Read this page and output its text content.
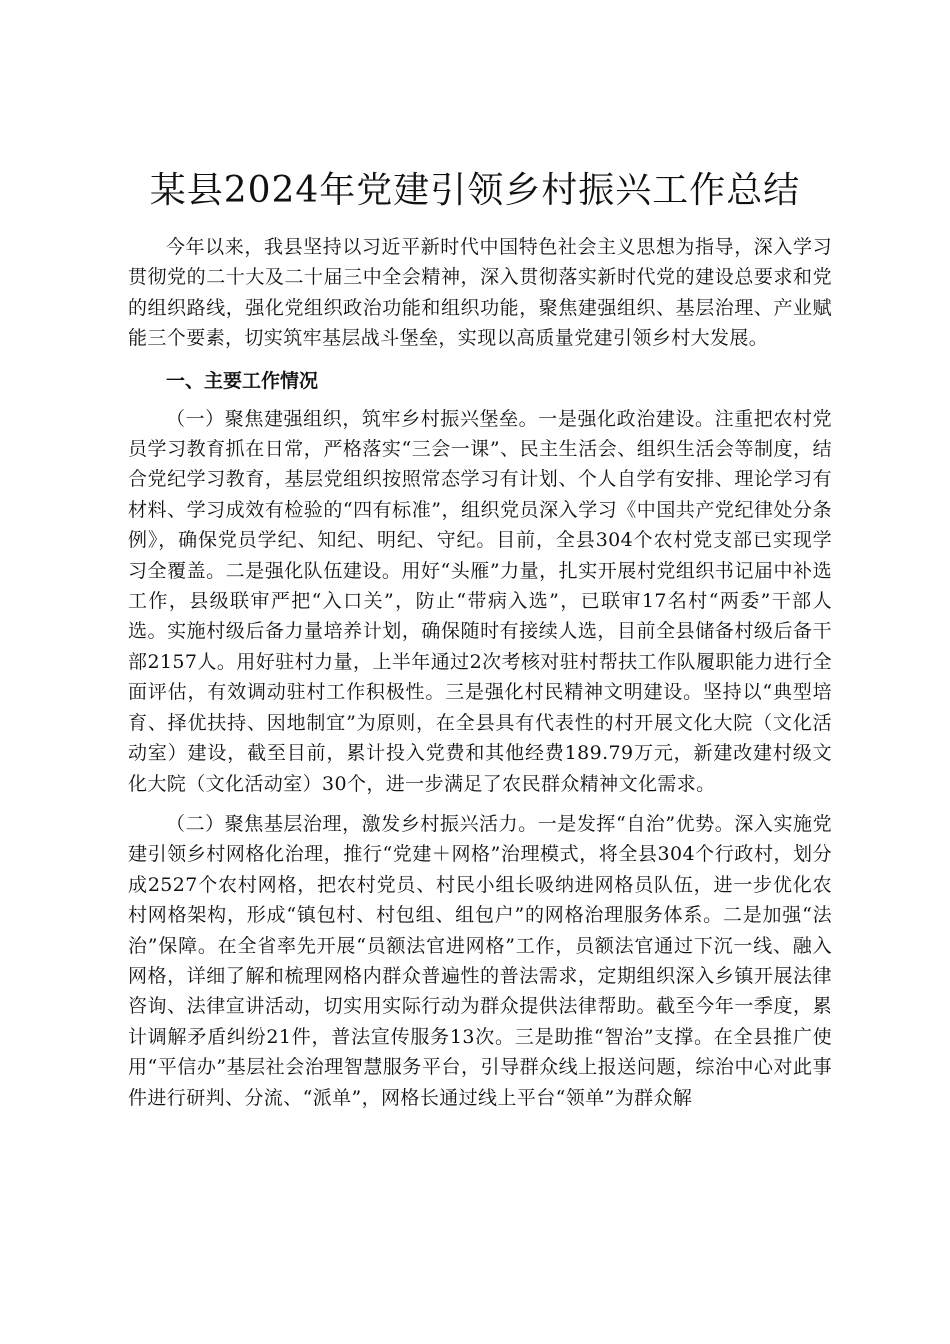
某县2024年党建引领乡村振兴工作总结

今年以来，我县坚持以习近平新时代中国特色社会主义思想为指导，深入学习贯彻党的二十大及二十届三中全会精神，深入贯彻落实新时代党的建设总要求和党的组织路线，强化党组织政治功能和组织功能，聚焦建强组织、基层治理、产业赋能三个要素，切实筑牢基层战斗堡垒，实现以高质量党建引领乡村大发展。

一、主要工作情况

（一）聚焦建强组织，筑牢乡村振兴堡垒。一是强化政治建设。注重把农村党员学习教育抓在日常，严格落实“三会一课”、民主生活会、组织生活会等制度，结合党纪学习教育，基层党组织按照常态学习有计划、个人自学有安排、理论学习有材料、学习成效有检验的“四有标准”，组织党员深入学习《中国共产党纪律处分条例》，确保党员学纪、知纪、明纪、守纪。目前，全县304个农村党支部已实现学习全覆盖。二是强化队伍建设。用好“头雁”力量，扎实开展村党组织书记届中补选工作，县级联审严把“入口关”，防止“带病入选”，已联审17名村“两委”干部人选。实施村级后备力量培养计划，确保随时有接续人选，目前全县储备村级后备干部2157人。用好驻村力量，上半年通过2次考核对驻村帮扶工作队履职能力进行全面评估，有效调动驻村工作积极性。三是强化村民精神文明建设。坚持以“典型培育、择优扶持、因地制宜”为原则，在全县具有代表性的村开展文化大院（文化活动室）建设，截至目前，累计投入党费和其他经费189.79万元，新建改建村级文化大院（文化活动室）30个，进一步满足了农民群众精神文化需求。

（二）聚焦基层治理，激发乡村振兴活力。一是发挥“自治”优势。深入实施党建引领乡村网格化治理，推行“党建＋网格”治理模式，将全县304个行政村，划分成2527个农村网格，把农村党员、村民小组长吸纳进网格员队伍，进一步优化农村网格架构，形成“镇包村、村包组、组包户”的网格治理服务体系。二是加强“法治”保障。在全省率先开展“员额法官进网格”工作，员额法官通过下沉一线、融入网格，详细了解和梳理网格内群众普遍性的普法需求，定期组织深入乡镇开展法律咨询、法律宣讲活动，切实用实际行动为群众提供法律帮助。截至今年一季度，累计调解矛盾纠纷21件，普法宣传服务13次。三是助推“智治”支撑。在全县推广使用“平信办”基层社会治理智慧服务平台，引导群众线上报送问题，综治中心对此事件进行研判、分流、“派单”，网格长通过线上平台“领单”为群众解
